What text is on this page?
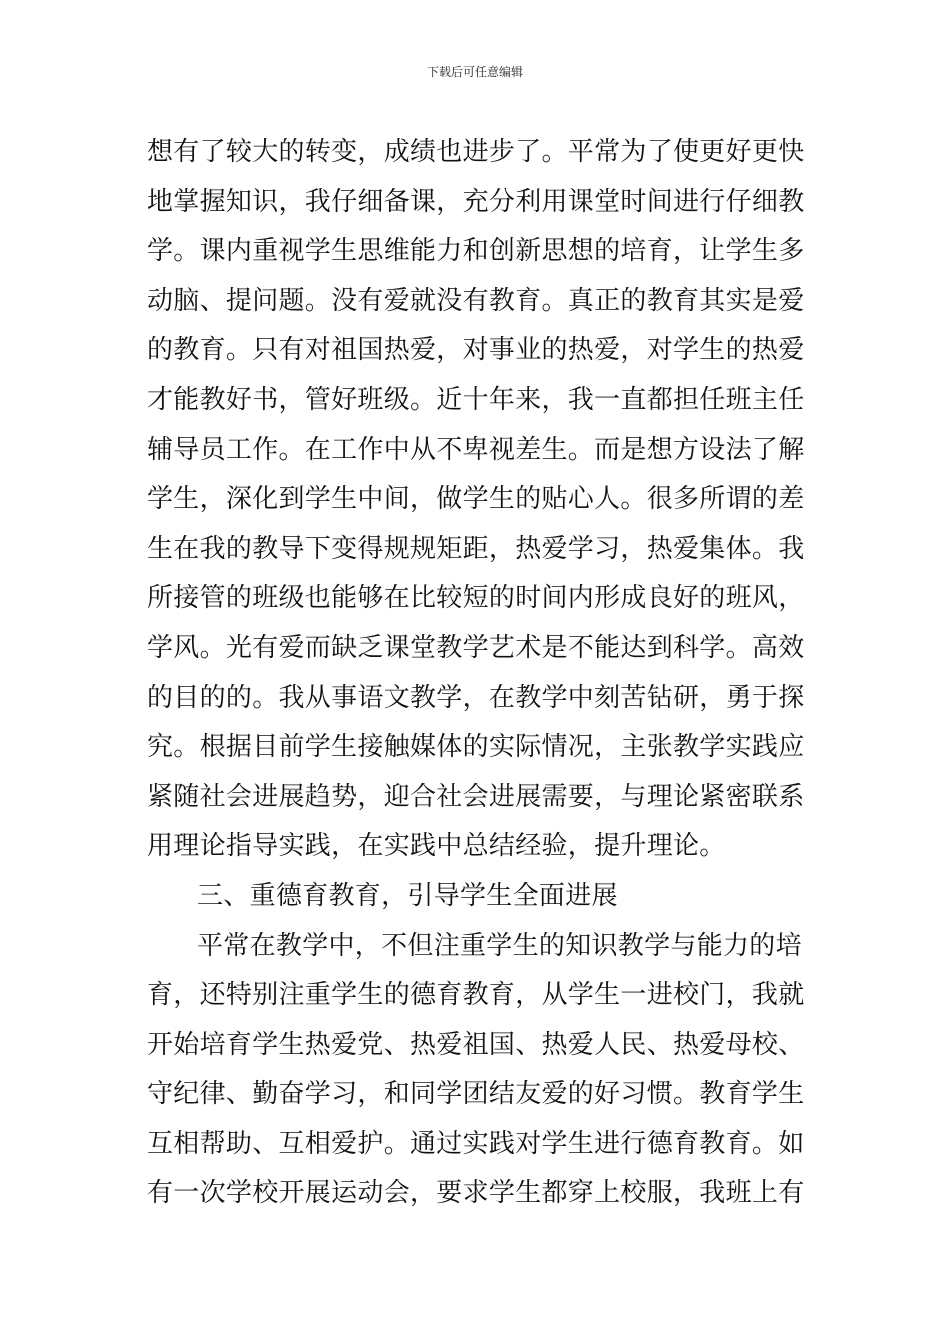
下载后可任意编辑
想有了较大的转变，成绩也进步了。平常为了使更好更快
地掌握知识，我仔细备课，充分利用课堂时间进行仔细教
学。课内重视学生思维能力和创新思想的培育，让学生多
动脑、提问题。没有爱就没有教育。真正的教育其实是爱
的教育。只有对祖国热爱，对事业的热爱，对学生的热爱
才能教好书，管好班级。近十年来，我一直都担任班主任
辅导员工作。在工作中从不卑视差生。而是想方设法了解
学生，深化到学生中间，做学生的贴心人。很多所谓的差
生在我的教导下变得规规矩距，热爱学习，热爱集体。我
所接管的班级也能够在比较短的时间内形成良好的班风，
学风。光有爱而缺乏课堂教学艺术是不能达到科学。高效
的目的的。我从事语文教学，在教学中刻苦钻研，勇于探
究。根据目前学生接触媒体的实际情况，主张教学实践应
紧随社会进展趋势，迎合社会进展需要，与理论紧密联系
用理论指导实践，在实践中总结经验，提升理论。
三、重德育教育，引导学生全面进展
平常在教学中，不但注重学生的知识教学与能力的培
育，还特别注重学生的德育教育，从学生一进校门，我就
开始培育学生热爱党、热爱祖国、热爱人民、热爱母校、
守纪律、勤奋学习，和同学团结友爱的好习惯。教育学生
互相帮助、互相爱护。通过实践对学生进行德育教育。如
有一次学校开展运动会，要求学生都穿上校服，我班上有
